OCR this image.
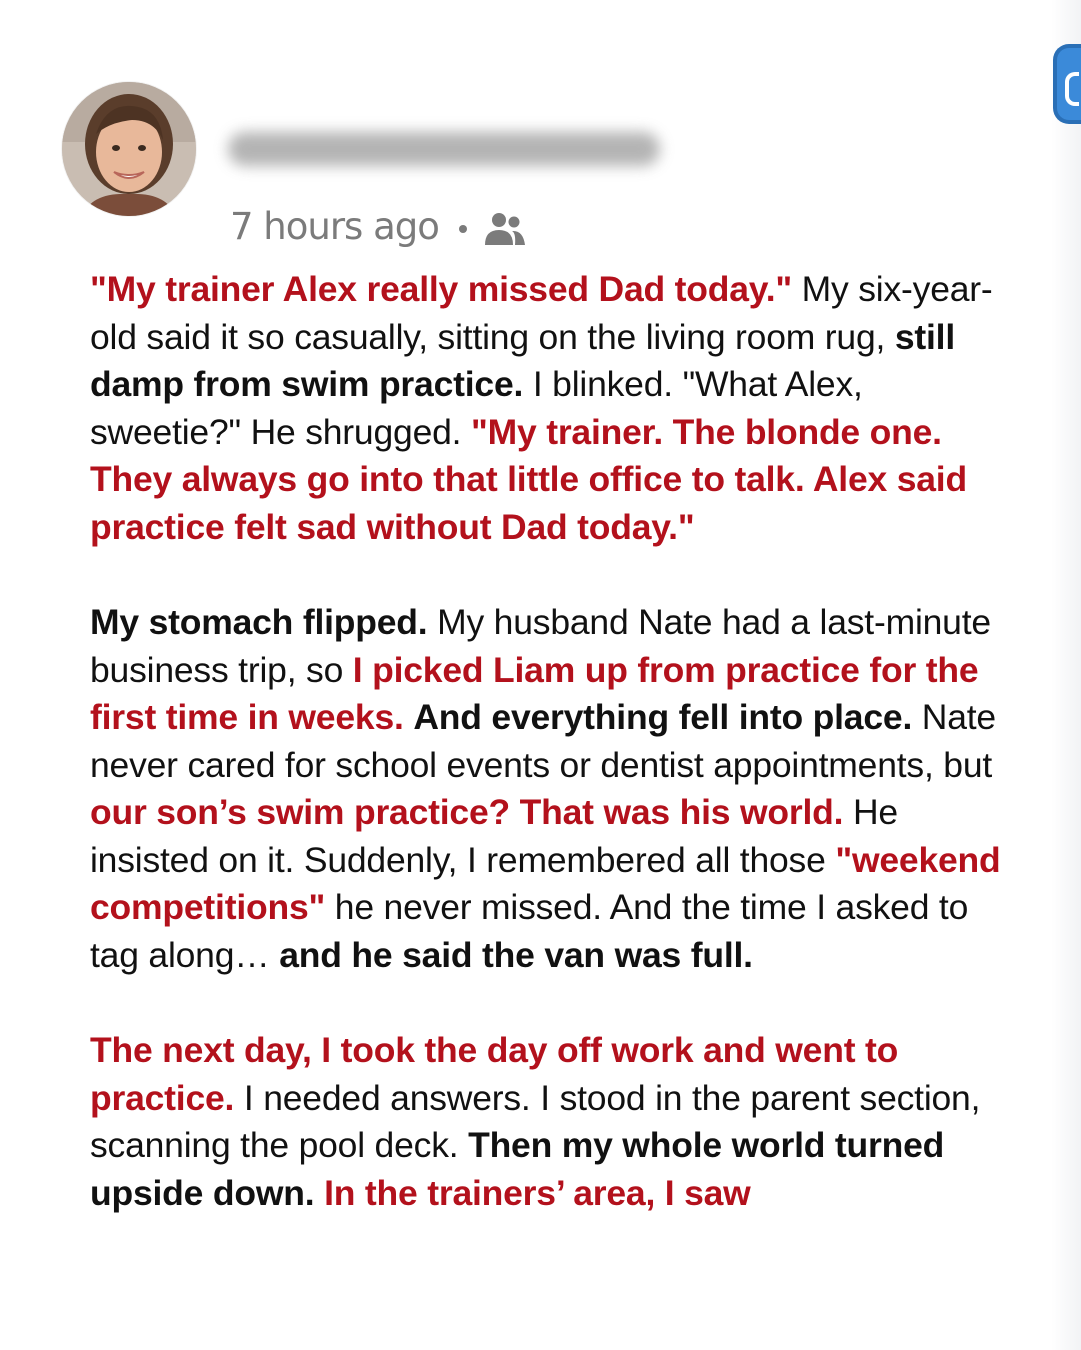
7 hours ago

"My trainer Alex really missed Dad today." My six-year-old said it so casually, sitting on the living room rug, still damp from swim practice. I blinked. "What Alex, sweetie?" He shrugged. "My trainer. The blonde one. They always go into that little office to talk. Alex said practice felt sad without Dad today."

My stomach flipped. My husband Nate had a last-minute business trip, so I picked Liam up from practice for the first time in weeks. And everything fell into place. Nate never cared for school events or dentist appointments, but our son’s swim practice? That was his world. He insisted on it. Suddenly, I remembered all those "weekend competitions" he never missed. And the time I asked to tag along… and he said the van was full.

The next day, I took the day off work and went to practice. I needed answers. I stood in the parent section, scanning the pool deck. Then my whole world turned upside down. In the trainers’ area, I saw
